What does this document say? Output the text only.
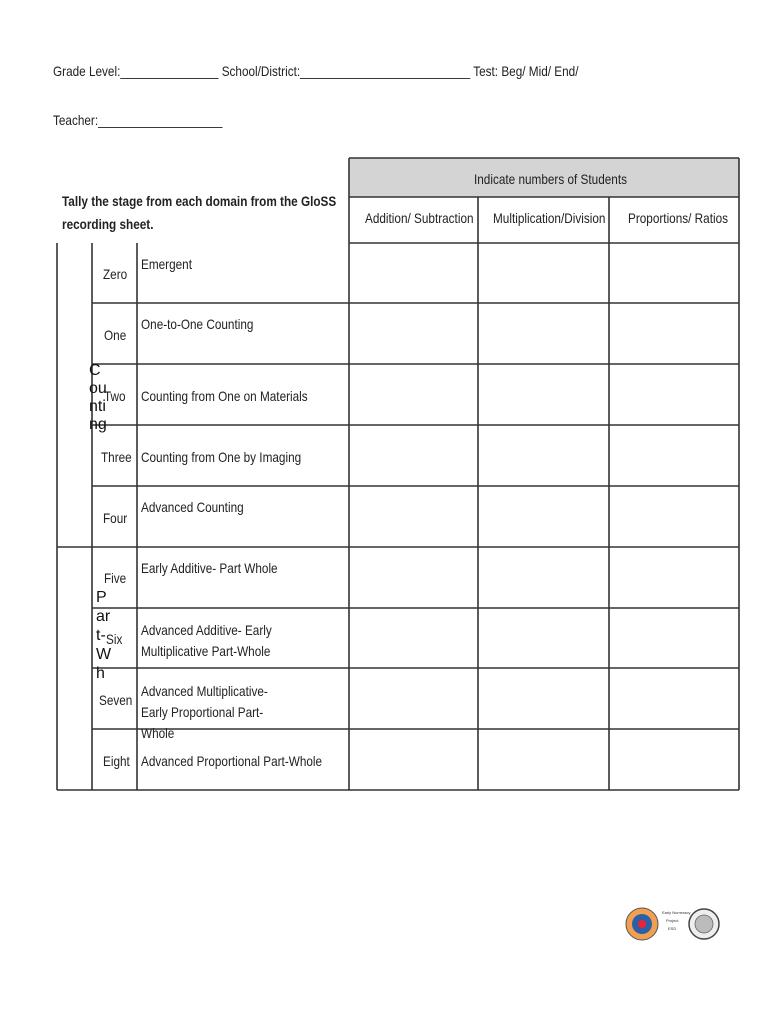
Grade Level:_______________ School/District:__________________________ Test: Beg/ Mid/ End/
Teacher:___________________
Tally the stage from each domain from the GloSS
recording sheet.
Indicate numbers of Students
Addition/ Subtraction	Multiplication/Division	Proportions/ Ratios
C
ou
nti
ng
P
ar
t-
W
h
Zero
One
Two
Three
Four
Five
Six
Seven
Eight
Emergent
One-to-One Counting
Counting from One on Materials
Counting from One by Imaging
Advanced Counting
Early Additive- Part Whole
Advanced Additive- Early Multiplicative Part-Whole
Advanced Multiplicative- Early Proportional Part-Whole
Advanced Proportional Part-Whole
Early Numeracy
Project
ESD
